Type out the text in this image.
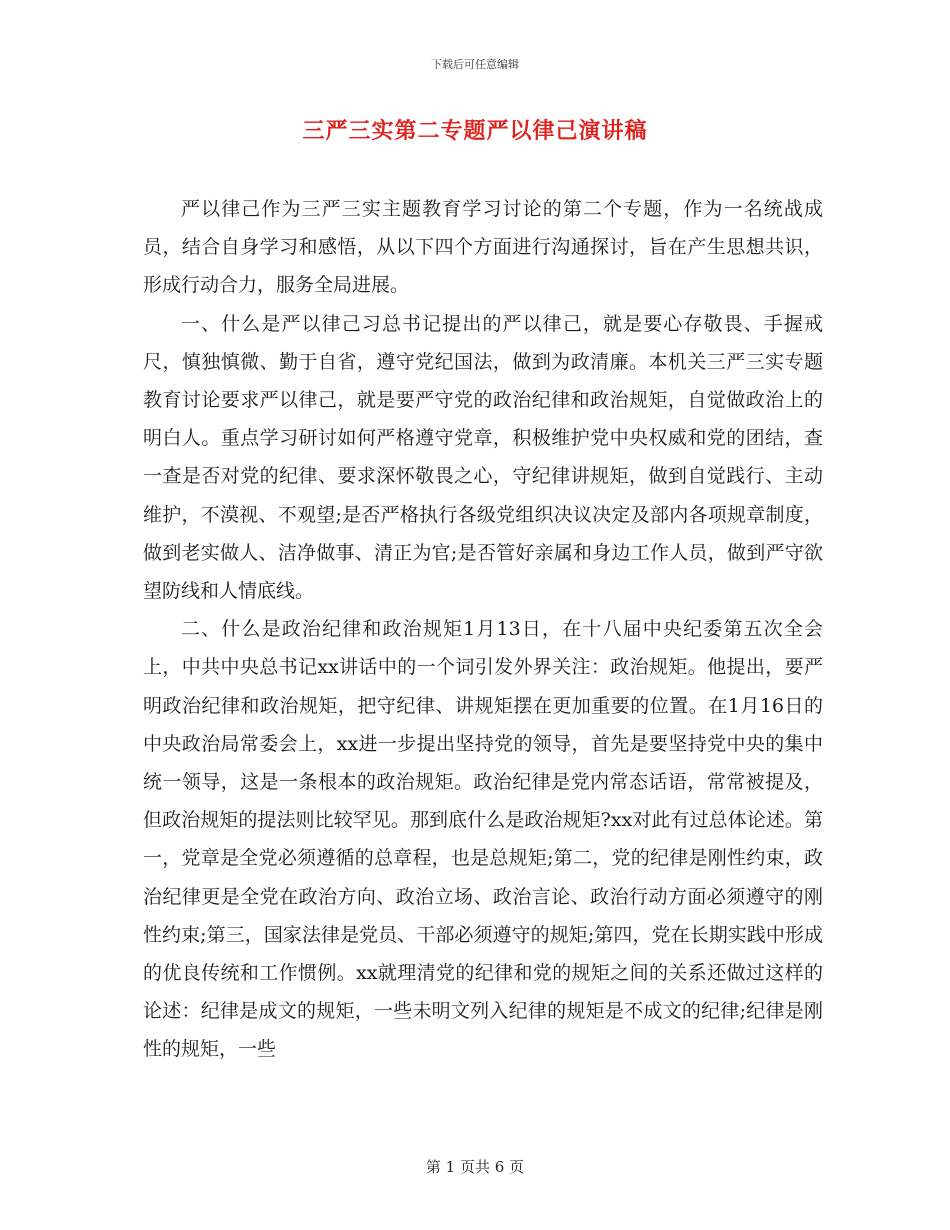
下载后可任意编辑
三严三实第二专题严以律己演讲稿

严以律己作为三严三实主题教育学习讨论的第二个专题，作为一名统战成员，结合自身学习和感悟，从以下四个方面进行沟通探讨，旨在产生思想共识，形成行动合力，服务全局进展。

一、什么是严以律己习总书记提出的严以律己，就是要心存敬畏、手握戒尺，慎独慎微、勤于自省，遵守党纪国法，做到为政清廉。本机关三严三实专题教育讨论要求严以律己，就是要严守党的政治纪律和政治规矩，自觉做政治上的明白人。重点学习研讨如何严格遵守党章，积极维护党中央权威和党的团结，查一查是否对党的纪律、要求深怀敬畏之心，守纪律讲规矩，做到自觉践行、主动维护，不漠视、不观望;是否严格执行各级党组织决议决定及部内各项规章制度，做到老实做人、洁净做事、清正为官;是否管好亲属和身边工作人员，做到严守欲望防线和人情底线。

二、什么是政治纪律和政治规矩1月13日，在十八届中央纪委第五次全会上，中共中央总书记xx讲话中的一个词引发外界关注：政治规矩。他提出，要严明政治纪律和政治规矩，把守纪律、讲规矩摆在更加重要的位置。在1月16日的中央政治局常委会上，xx进一步提出坚持党的领导，首先是要坚持党中央的集中统一领导，这是一条根本的政治规矩。政治纪律是党内常态话语，常常被提及，但政治规矩的提法则比较罕见。那到底什么是政治规矩?xx对此有过总体论述。第一，党章是全党必须遵循的总章程，也是总规矩;第二，党的纪律是刚性约束，政治纪律更是全党在政治方向、政治立场、政治言论、政治行动方面必须遵守的刚性约束;第三，国家法律是党员、干部必须遵守的规矩;第四，党在长期实践中形成的优良传统和工作惯例。xx就理清党的纪律和党的规矩之间的关系还做过这样的论述：纪律是成文的规矩，一些未明文列入纪律的规矩是不成文的纪律;纪律是刚性的规矩，一些

第 1 页共 6 页
